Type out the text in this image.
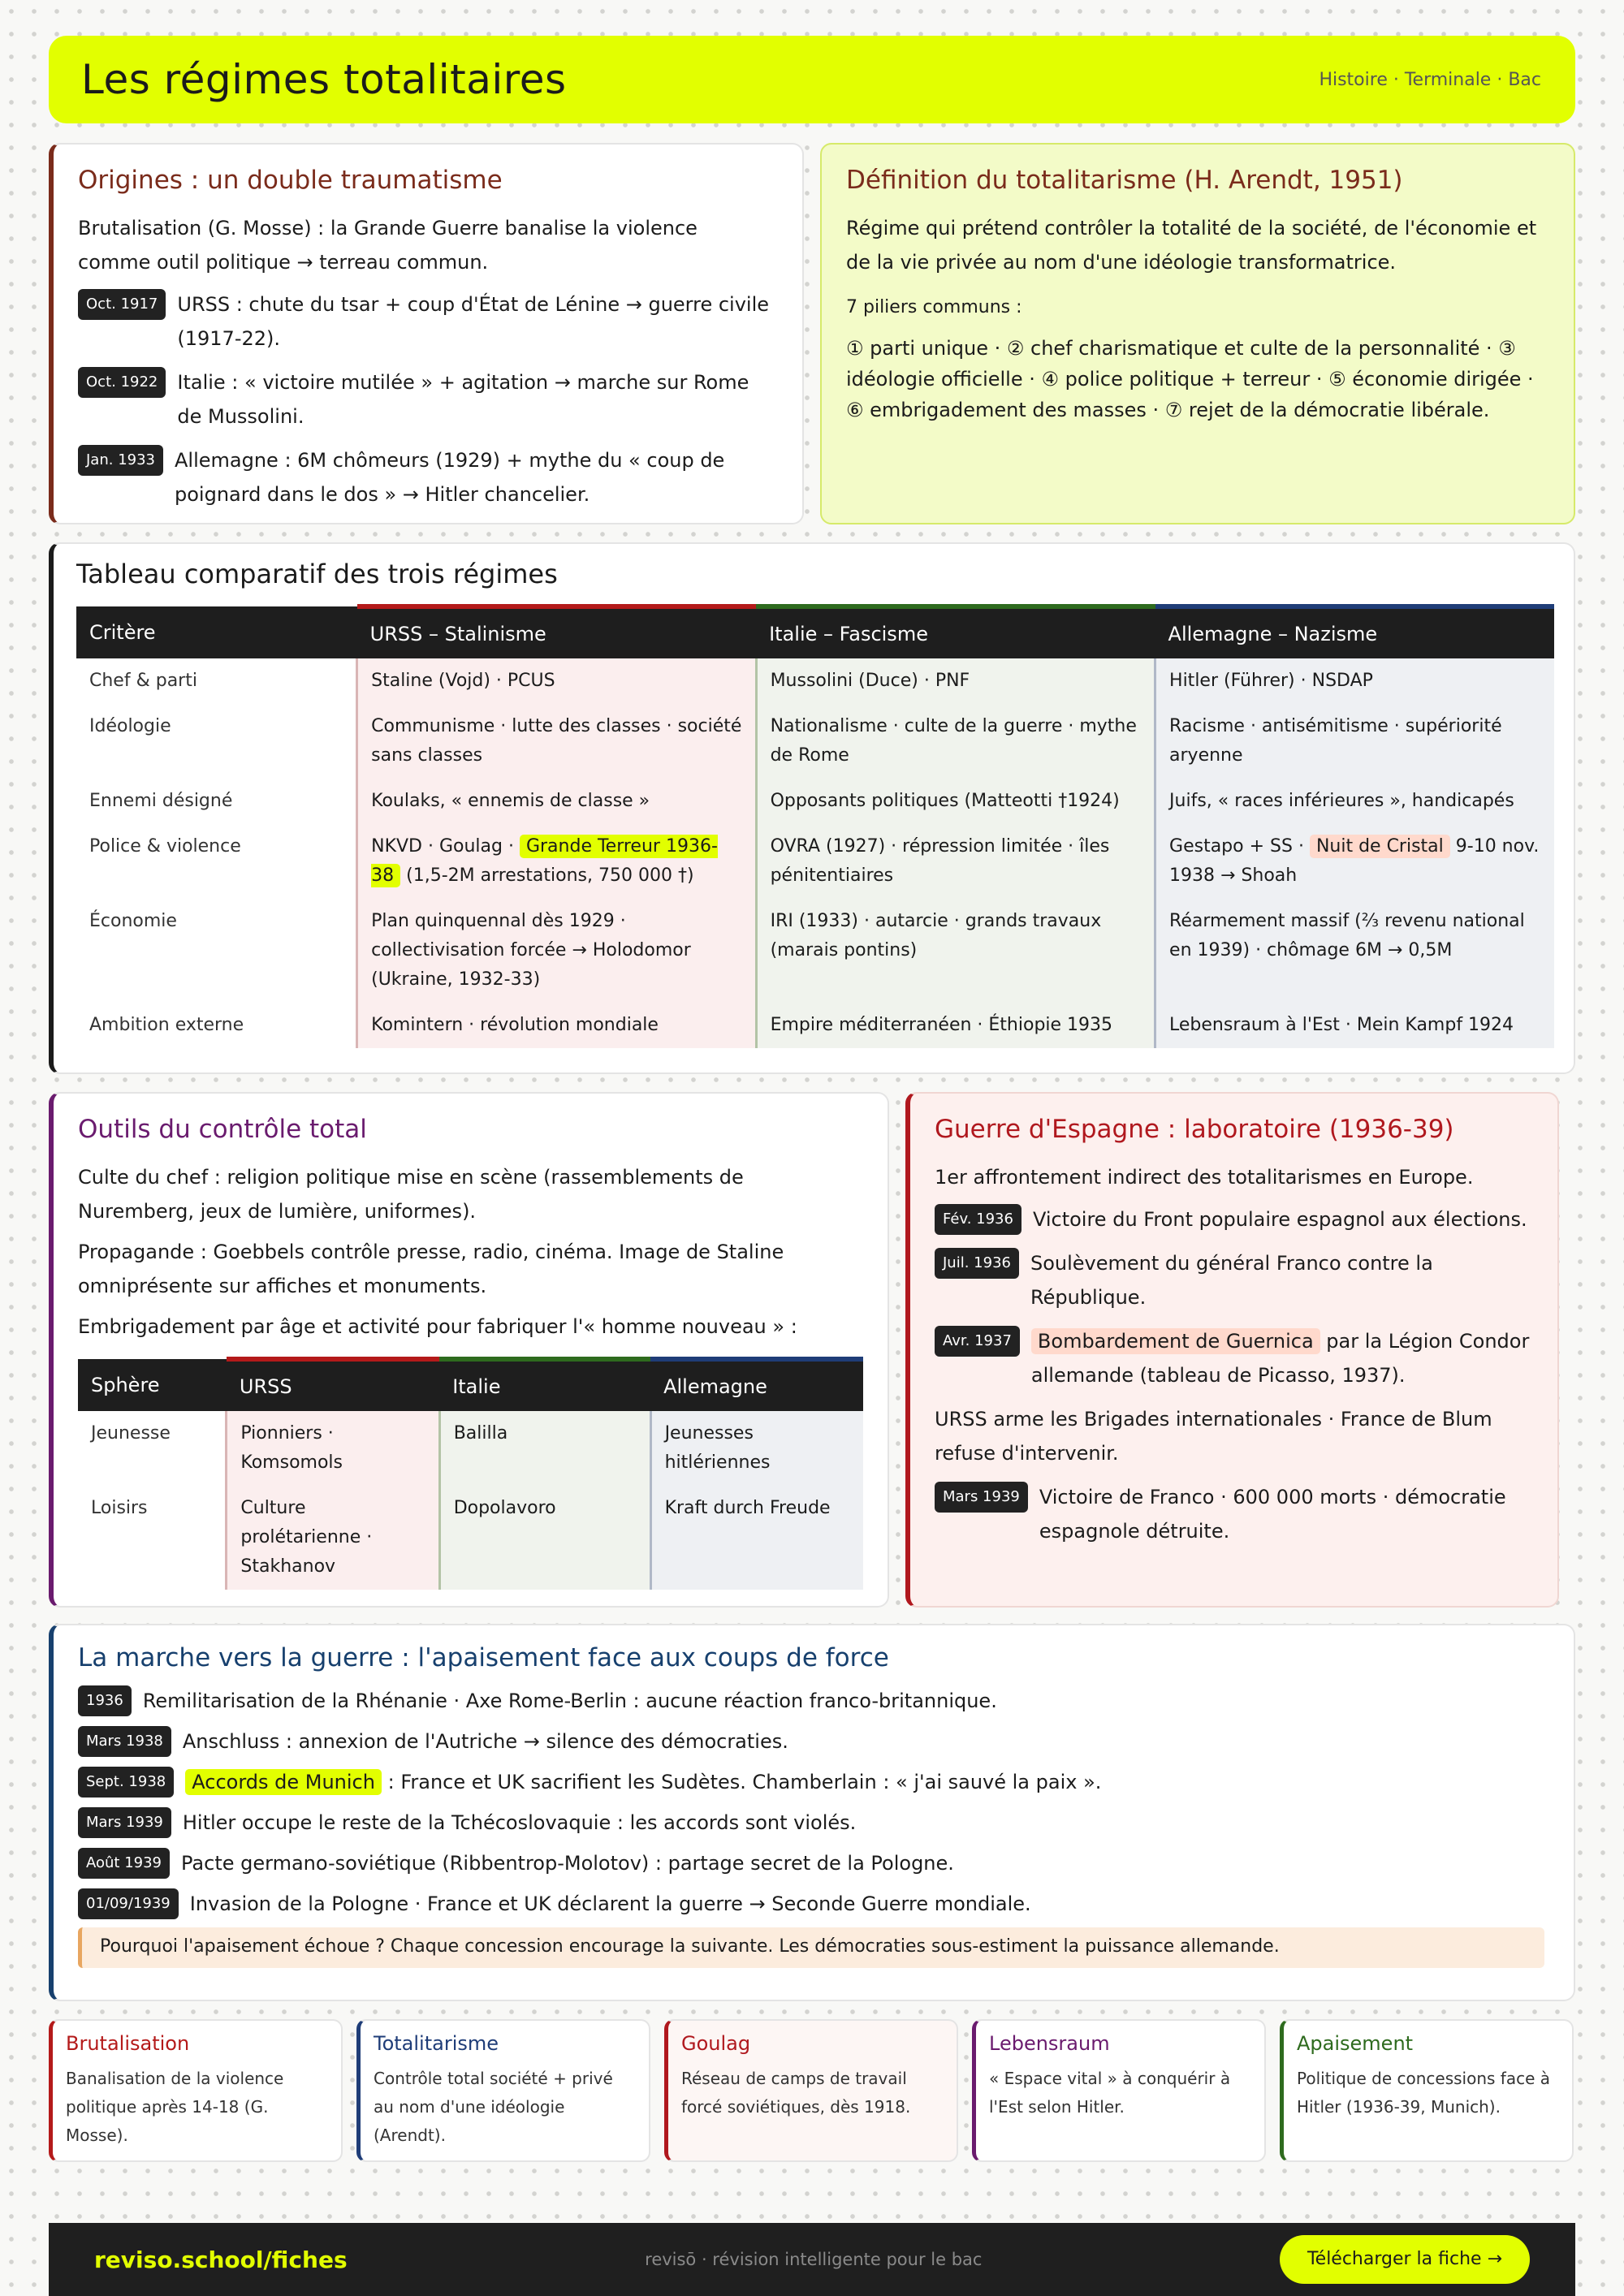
Les régimes totalitaires	Histoire · Terminale · Bac
Origines : un double traumatisme
Brutalisation (G. Mosse) : la Grande Guerre banalise la violence comme outil politique → terreau commun.
Oct. 1917	URSS : chute du tsar + coup d'État de Lénine → guerre civile (1917-22).
Oct. 1922	Italie : « victoire mutilée » + agitation → marche sur Rome de Mussolini.
Jan. 1933	Allemagne : 6M chômeurs (1929) + mythe du « coup de poignard dans le dos » → Hitler chancelier.
Définition du totalitarisme (H. Arendt, 1951)
Régime qui prétend contrôler la totalité de la société, de l'économie et de la vie privée au nom d'une idéologie transformatrice.
7 piliers communs :
① parti unique · ② chef charismatique et culte de la personnalité · ③ idéologie officielle · ④ police politique + terreur · ⑤ économie dirigée · ⑥ embrigadement des masses · ⑦ rejet de la démocratie libérale.
Tableau comparatif des trois régimes
Critère	URSS – Stalinisme	Italie – Fascisme	Allemagne – Nazisme
Chef & parti	Staline (Vojd) · PCUS	Mussolini (Duce) · PNF	Hitler (Führer) · NSDAP
Idéologie	Communisme · lutte des classes · société sans classes	Nationalisme · culte de la guerre · mythe de Rome	Racisme · antisémitisme · supériorité aryenne
Ennemi désigné	Koulaks, « ennemis de classe »	Opposants politiques (Matteotti †1924)	Juifs, « races inférieures », handicapés
Police & violence	NKVD · Goulag · Grande Terreur 1936-38 (1,5-2M arrestations, 750 000 †)	OVRA (1927) · répression limitée · îles pénitentiaires	Gestapo + SS · Nuit de Cristal 9-10 nov. 1938 → Shoah
Économie	Plan quinquennal dès 1929 · collectivisation forcée → Holodomor (Ukraine, 1932-33)	IRI (1933) · autarcie · grands travaux (marais pontins)	Réarmement massif (⅔ revenu national en 1939) · chômage 6M → 0,5M
Ambition externe	Komintern · révolution mondiale	Empire méditerranéen · Éthiopie 1935	Lebensraum à l'Est · Mein Kampf 1924
Outils du contrôle total
Culte du chef : religion politique mise en scène (rassemblements de Nuremberg, jeux de lumière, uniformes).
Propagande : Goebbels contrôle presse, radio, cinéma. Image de Staline omniprésente sur affiches et monuments.
Embrigadement par âge et activité pour fabriquer l'« homme nouveau » :
Sphère	URSS	Italie	Allemagne
Jeunesse	Pionniers · Komsomols	Balilla	Jeunesses hitlériennes
Loisirs	Culture prolétarienne · Stakhanov	Dopolavoro	Kraft durch Freude
Guerre d'Espagne : laboratoire (1936-39)
1er affrontement indirect des totalitarismes en Europe.
Fév. 1936	Victoire du Front populaire espagnol aux élections.
Juil. 1936	Soulèvement du général Franco contre la République.
Avr. 1937	Bombardement de Guernica par la Légion Condor allemande (tableau de Picasso, 1937).
URSS arme les Brigades internationales · France de Blum refuse d'intervenir.
Mars 1939	Victoire de Franco · 600 000 morts · démocratie espagnole détruite.
La marche vers la guerre : l'apaisement face aux coups de force
1936	Remilitarisation de la Rhénanie · Axe Rome-Berlin : aucune réaction franco-britannique.
Mars 1938	Anschluss : annexion de l'Autriche → silence des démocraties.
Sept. 1938	Accords de Munich : France et UK sacrifient les Sudètes. Chamberlain : « j'ai sauvé la paix ».
Mars 1939	Hitler occupe le reste de la Tchécoslovaquie : les accords sont violés.
Août 1939	Pacte germano-soviétique (Ribbentrop-Molotov) : partage secret de la Pologne.
01/09/1939	Invasion de la Pologne · France et UK déclarent la guerre → Seconde Guerre mondiale.
Pourquoi l'apaisement échoue ? Chaque concession encourage la suivante. Les démocraties sous-estiment la puissance allemande.
Brutalisation
Banalisation de la violence politique après 14-18 (G. Mosse).
Totalitarisme
Contrôle total société + privé au nom d'une idéologie (Arendt).
Goulag
Réseau de camps de travail forcé soviétiques, dès 1918.
Lebensraum
« Espace vital » à conquérir à l'Est selon Hitler.
Apaisement
Politique de concessions face à Hitler (1936-39, Munich).
reviso.school/fiches	revisō · révision intelligente pour le bac	Télécharger la fiche →
